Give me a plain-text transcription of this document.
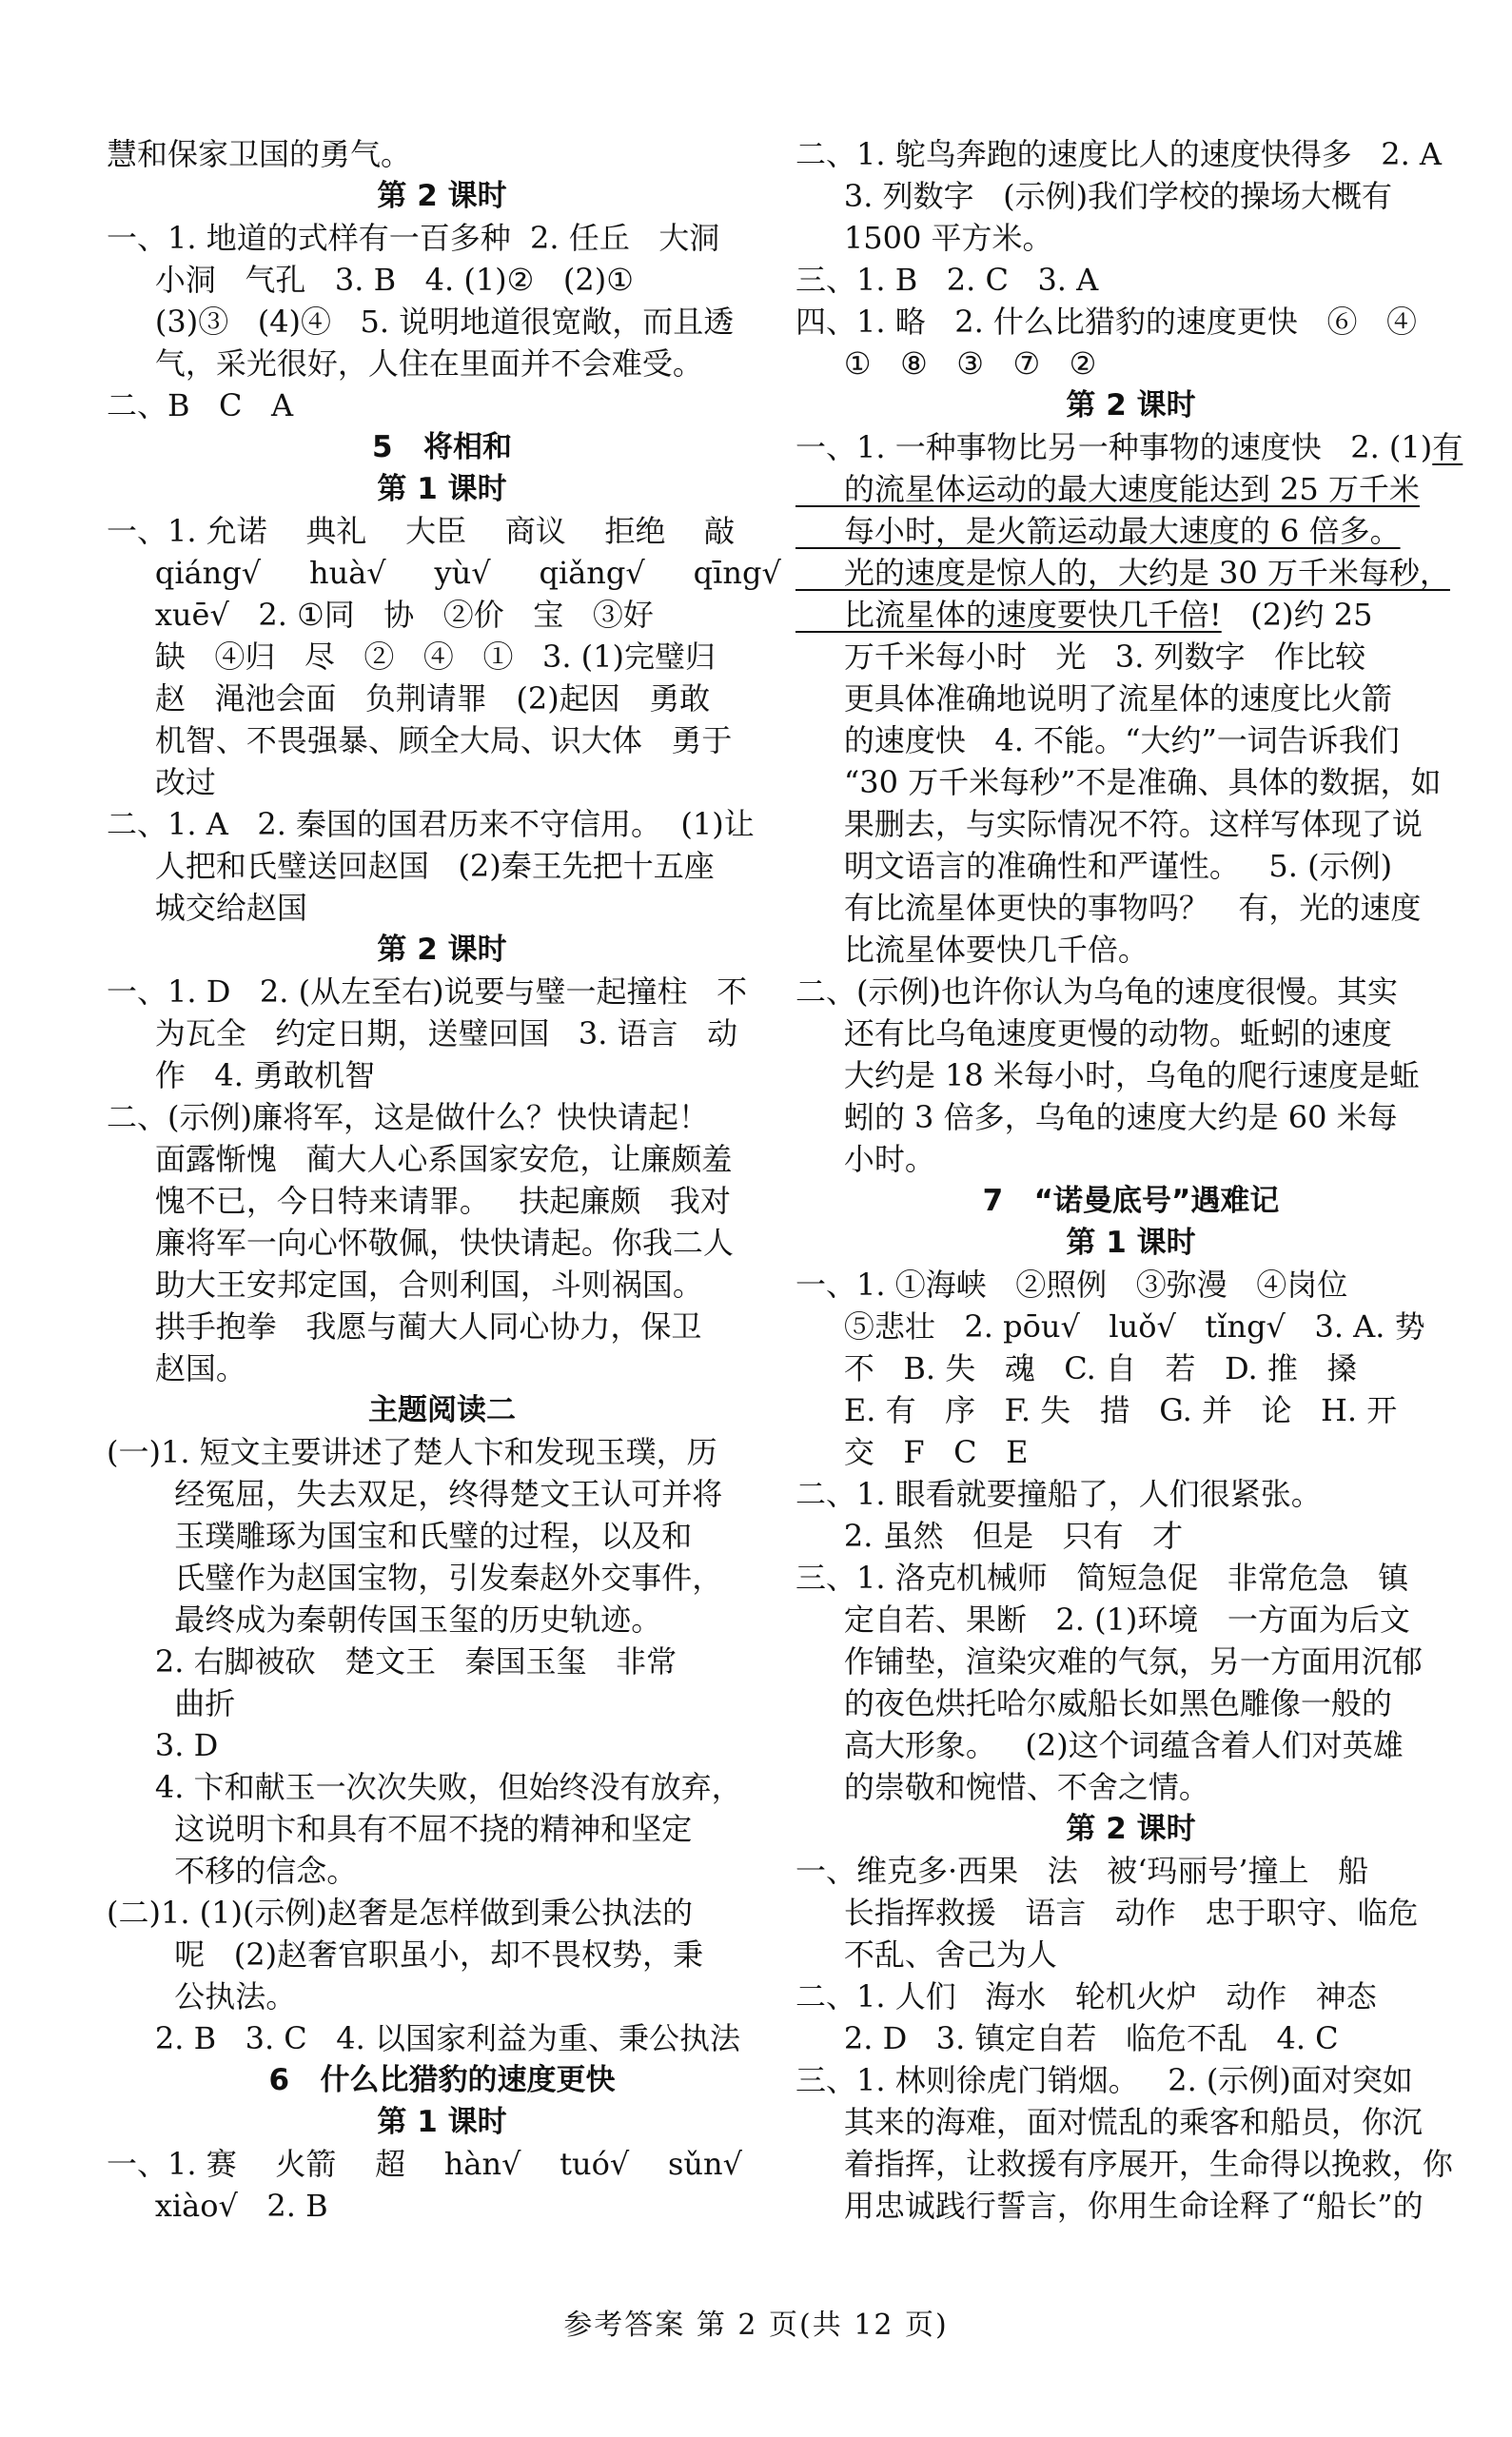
慧和保家卫国的勇气。
第 2 课时
一、1. 地道的式样有一百多种  2. 任丘   大洞
小洞   气孔   3. B   4. (1)②   (2)①
(3)③   (4)④   5. 说明地道很宽敞，而且透
气，采光很好，人住在里面并不会难受。
二、B   C   A
5   将相和
第 1 课时
一、1. 允诺    典礼    大臣    商议    拒绝    敲
qiáng√     huà√     yù√     qiǎng√     qīng√
xuē√   2. ①同   协   ②价   宝   ③好
缺   ④归   尽   ②   ④   ①   3. (1)完璧归
赵   渑池会面   负荆请罪   (2)起因   勇敢
机智、不畏强暴、顾全大局、识大体   勇于
改过
二、1. A   2. 秦国的国君历来不守信用。  (1)让
人把和氏璧送回赵国   (2)秦王先把十五座
城交给赵国
第 2 课时
一、1. D   2. (从左至右)说要与璧一起撞柱   不
为瓦全   约定日期，送璧回国   3. 语言   动
作   4. 勇敢机智
二、(示例)廉将军，这是做什么？快快请起！
面露惭愧   蔺大人心系国家安危，让廉颇羞
愧不已，今日特来请罪。   扶起廉颇   我对
廉将军一向心怀敬佩，快快请起。你我二人
助大王安邦定国，合则利国，斗则祸国。
拱手抱拳   我愿与蔺大人同心协力，保卫
赵国。
主题阅读二
(一)1. 短文主要讲述了楚人卞和发现玉璞，历
经冤屈，失去双足，终得楚文王认可并将
玉璞雕琢为国宝和氏璧的过程，以及和
氏璧作为赵国宝物，引发秦赵外交事件，
最终成为秦朝传国玉玺的历史轨迹。
2. 右脚被砍   楚文王   秦国玉玺   非常
曲折
3. D
4. 卞和献玉一次次失败，但始终没有放弃，
这说明卞和具有不屈不挠的精神和坚定
不移的信念。
(二)1. (1)(示例)赵奢是怎样做到秉公执法的
呢   (2)赵奢官职虽小，却不畏权势，秉
公执法。
2. B   3. C   4. 以国家利益为重、秉公执法
6   什么比猎豹的速度更快
第 1 课时
一、1. 赛    火箭    超    hàn√    tuó√    sǔn√
xiào√   2. B
二、1. 鸵鸟奔跑的速度比人的速度快得多   2. A
3. 列数字   (示例)我们学校的操场大概有
1500 平方米。
三、1. B   2. C   3. A
四、1. 略   2. 什么比猎豹的速度更快   ⑥   ④
①   ⑧   ③   ⑦   ②
第 2 课时
一、1. 一种事物比另一种事物的速度快   2. (1)有
的流星体运动的最大速度能达到 25 万千米
每小时，是火箭运动最大速度的 6 倍多。
光的速度是惊人的，大约是 30 万千米每秒，
比流星体的速度要快几千倍!   (2)约 25
万千米每小时   光   3. 列数字   作比较
更具体准确地说明了流星体的速度比火箭
的速度快   4. 不能。“大约”一词告诉我们
“30 万千米每秒”不是准确、具体的数据，如
果删去，与实际情况不符。这样写体现了说
明文语言的准确性和严谨性。   5. (示例)
有比流星体更快的事物吗？   有，光的速度
比流星体要快几千倍。
二、(示例)也许你认为乌龟的速度很慢。其实
还有比乌龟速度更慢的动物。蚯蚓的速度
大约是 18 米每小时，乌龟的爬行速度是蚯
蚓的 3 倍多，乌龟的速度大约是 60 米每
小时。
7   “诺曼底号”遇难记
第 1 课时
一、1. ①海峡   ②照例   ③弥漫   ④岗位
⑤悲壮   2. pōu√   luǒ√   tǐng√   3. A. 势
不   B. 失   魂   C. 自   若   D. 推   搡
E. 有   序   F. 失   措   G. 并   论   H. 开
交   F   C   E
二、1. 眼看就要撞船了，人们很紧张。
2. 虽然   但是   只有   才
三、1. 洛克机械师   简短急促   非常危急   镇
定自若、果断   2. (1)环境   一方面为后文
作铺垫，渲染灾难的气氛，另一方面用沉郁
的夜色烘托哈尔威船长如黑色雕像一般的
高大形象。   (2)这个词蕴含着人们对英雄
的崇敬和惋惜、不舍之情。
第 2 课时
一、维克多·西果   法   被‘玛丽号’撞上   船
长指挥救援   语言   动作   忠于职守、临危
不乱、舍己为人
二、1. 人们   海水   轮机火炉   动作   神态
2. D   3. 镇定自若   临危不乱   4. C
三、1. 林则徐虎门销烟。   2. (示例)面对突如
其来的海难，面对慌乱的乘客和船员，你沉
着指挥，让救援有序展开，生命得以挽救，你
用忠诚践行誓言，你用生命诠释了“船长”的
参考答案 第 2 页(共 12 页)
